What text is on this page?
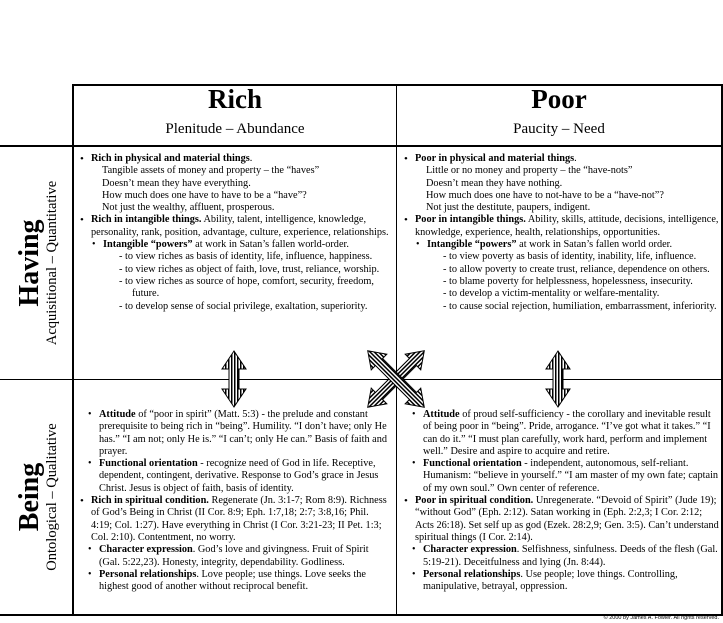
Rich
Plenitude – Abundance
Poor
Paucity – Need
Having Acquisitional – Quantitative
Being Ontological – Qualitative
• Rich in physical and material things.
Tangible assets of money and property – the “haves”
Doesn’t mean they have everything.
How much does one have to have to be a “have”?
Not just the wealthy, affluent, prosperous.
• Rich in intangible things. Ability, talent, intelligence, knowledge, personality, rank, position, advantage, culture, experience, relationships.
• Intangible “powers” at work in Satan’s fallen world-order.
- to view riches as basis of identity, life, influence, happiness.
- to view riches as object of faith, love, trust, reliance, worship.
- to view riches as source of hope, comfort, security, freedom, future.
- to develop sense of social privilege, exaltation, superiority.
• Poor in physical and material things.
Little or no money and property – the “have-nots”
Doesn’t mean they have nothing.
How much does one have to not-have to be a “have-not”?
Not just the destitute, paupers, indigent.
• Poor in intangible things. Ability, skills, attitude, decisions, intelligence, knowledge, experience, health, relationships, opportunities.
• Intangible “powers” at work in Satan’s fallen world order.
- to view poverty as basis of identity, inability, life, influence.
- to allow poverty to create trust, reliance, dependence on others.
- to blame poverty for helplessness, hopelessness, insecurity.
- to develop a victim-mentality or welfare-mentality.
- to cause social rejection, humiliation, embarrassment, inferiority.
• Attitude of “poor in spirit” (Matt. 5:3) - the prelude and constant prerequisite to being rich in “being”. Humility. “I don’t have; only He has.” “I am not; only He is.” “I can’t; only He can.” Basis of faith and prayer.
• Functional orientation - recognize need of God in life. Receptive, dependent, contingent, derivative. Response to God’s grace in Jesus Christ. Jesus is object of faith, basis of identity.
• Rich in spiritual condition. Regenerate (Jn. 3:1-7; Rom 8:9). Richness of God’s Being in Christ (II Cor. 8:9; Eph. 1:7,18; 2:7; 3:8,16; Phil. 4:19; Col. 1:27). Have everything in Christ (I Cor. 3:21-23; II Pet. 1:3; Col. 2:10). Contentment, no worry.
• Character expression. God’s love and givingness. Fruit of Spirit (Gal. 5:22,23). Honesty, integrity, dependability. Godliness.
• Personal relationships. Love people; use things. Love seeks the highest good of another without reciprocal benefit.
• Attitude of proud self-sufficiency - the corollary and inevitable result of being poor in “being”. Pride, arrogance. “I’ve got what it takes.” “I can do it.” “I must plan carefully, work hard, perform and implement well.” Desire and aspire to acquire and retire.
• Functional orientation - independent, autonomous, self-reliant. Humanism: “believe in yourself.” “I am master of my own fate; captain of my own soul.” Own center of reference.
• Poor in spiritual condition. Unregenerate. “Devoid of Spirit” (Jude 19); “without God” (Eph. 2:12). Satan working in (Eph. 2:2,3; I Cor. 2:12; Acts 26:18). Set self up as god (Ezek. 28:2,9; Gen. 3:5). Can’t understand spiritual things (I Cor. 2:14).
• Character expression. Selfishness, sinfulness. Deeds of the flesh (Gal. 5:19-21). Deceitfulness and lying (Jn. 8:44).
• Personal relationships. Use people; love things. Controlling, manipulative, betrayal, oppression.
© 2000 by James A. Fowler. All rights reserved.
